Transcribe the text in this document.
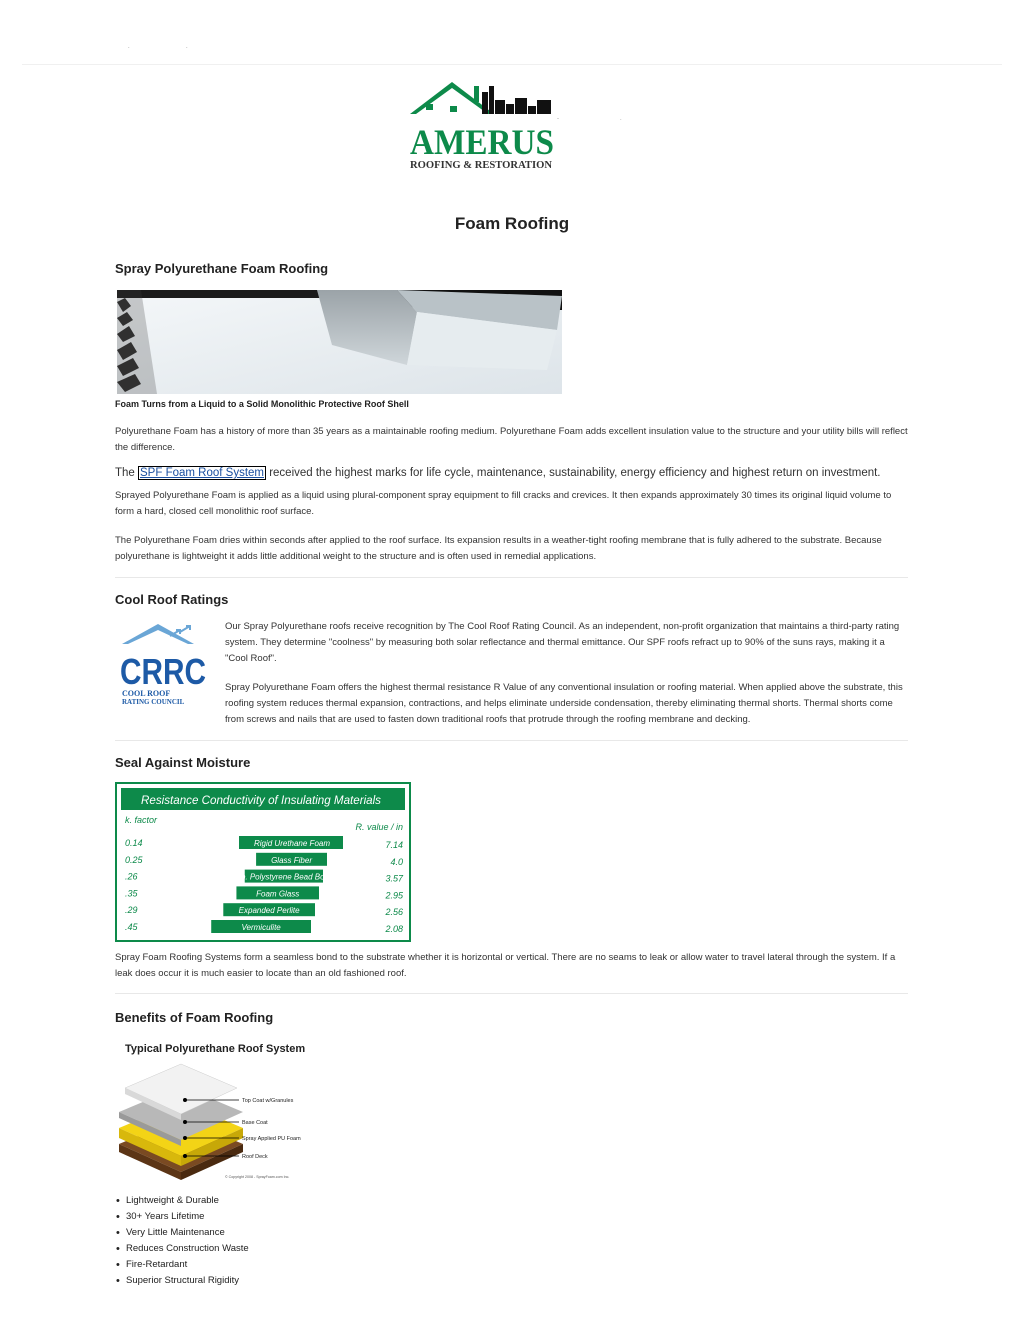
.	.
AMERUS
ROOFING & RESTORATION
-	.
Foam Roofing
Spray Polyurethane Foam Roofing

Foam Turns from a Liquid to a Solid Monolithic Protective Roof Shell

Polyurethane Foam has a history of more than 35 years as a maintainable roofing medium. Polyurethane Foam adds excellent insulation value to the structure and your utility bills will reflect the difference.

The SPF Foam Roof System received the highest marks for life cycle, maintenance, sustainability, energy efficiency and highest return on investment.

Sprayed Polyurethane Foam is applied as a liquid using plural-component spray equipment to fill cracks and crevices. It then expands approximately 30 times its original liquid volume to form a hard, closed cell monolithic roof surface.

The Polyurethane Foam dries within seconds after applied to the roof surface. Its expansion results in a weather-tight roofing membrane that is fully adhered to the substrate. Because polyurethane is lightweight it adds little additional weight to the structure and is often used in remedial applications.

Cool Roof Ratings
CRRC
COOL ROOF
RATING COUNCIL

Our Spray Polyurethane roofs receive recognition by The Cool Roof Rating Council. As an independent, non-profit organization that maintains a third-party rating system. They determine "coolness" by measuring both solar reflectance and thermal emittance. Our SPF roofs refract up to 90% of the suns rays, making it a "Cool Roof".

Spray Polyurethane Foam offers the highest thermal resistance R Value of any conventional insulation or roofing material. When applied above the substrate, this roofing system reduces thermal expansion, contractions, and helps eliminate underside condensation, thereby eliminating thermal shorts. Thermal shorts come from screws and nails that are used to fasten down traditional roofs that protrude through the roofing membrane and decking.

Seal Against Moisture
Resistance Conductivity of Insulating Materials
k. factor
R. value / in
0.14	Rigid Urethane Foam	7.14
0.25	Glass Fiber	4.0
.26	Exp. Polystyrene Bead Board	3.57
.35	Foam Glass	2.95
.29	Expanded Perlite	2.56
.45	Vermiculite	2.08

Spray Foam Roofing Systems form a seamless bond to the substrate whether it is horizontal or vertical. There are no seams to leak or allow water to travel lateral through the system. If a leak does occur it is much easier to locate than an old fashioned roof.

Benefits of Foam Roofing
Typical Polyurethane Roof System
Top Coat w/Granules
Base Coat
Spray Applied PU Foam
Roof Deck
© Copyright 2008 - SprayFoam.com Inc.
• Lightweight & Durable
• 30+ Years Lifetime
• Very Little Maintenance
• Reduces Construction Waste
• Fire-Retardant
• Superior Structural Rigidity
